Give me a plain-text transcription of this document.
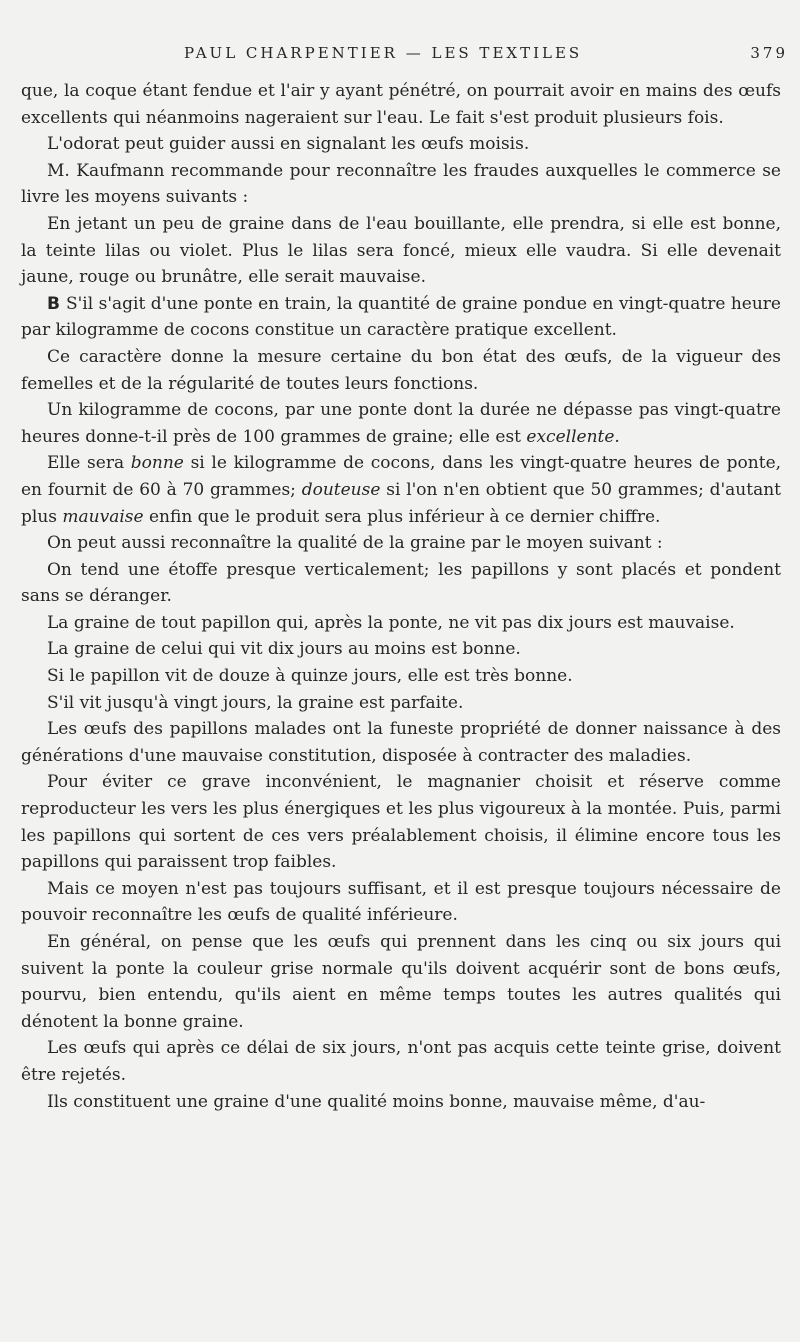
PAUL CHARPENTIER — LES TEXTILES	379

que, la coque étant fendue et l'air y ayant pénétré, on pourrait avoir en mains des œufs excellents qui néanmoins nageraient sur l'eau. Le fait s'est produit plusieurs fois.

L'odorat peut guider aussi en signalant les œufs moisis.

M. Kaufmann recommande pour reconnaître les fraudes auxquelles le commerce se livre les moyens suivants :

En jetant un peu de graine dans de l'eau bouillante, elle prendra, si elle est bonne, la teinte lilas ou violet. Plus le lilas sera foncé, mieux elle vaudra. Si elle devenait jaune, rouge ou brunâtre, elle serait mauvaise.

B S'il s'agit d'une ponte en train, la quantité de graine pondue en vingt-quatre heure par kilogramme de cocons constitue un caractère pratique excellent.

Ce caractère donne la mesure certaine du bon état des œufs, de la vigueur des femelles et de la régularité de toutes leurs fonctions.

Un kilogramme de cocons, par une ponte dont la durée ne dépasse pas vingt-quatre heures donne-t-il près de 100 grammes de graine; elle est excellente.

Elle sera bonne si le kilogramme de cocons, dans les vingt-quatre heures de ponte, en fournit de 60 à 70 grammes; douteuse si l'on n'en obtient que 50 grammes; d'autant plus mauvaise enfin que le produit sera plus inférieur à ce dernier chiffre.

On peut aussi reconnaître la qualité de la graine par le moyen suivant :

On tend une étoffe presque verticalement; les papillons y sont placés et pondent sans se déranger.

La graine de tout papillon qui, après la ponte, ne vit pas dix jours est mauvaise.

La graine de celui qui vit dix jours au moins est bonne.

Si le papillon vit de douze à quinze jours, elle est très bonne.

S'il vit jusqu'à vingt jours, la graine est parfaite.

Les œufs des papillons malades ont la funeste propriété de donner naissance à des générations d'une mauvaise constitution, disposée à contracter des maladies.

Pour éviter ce grave inconvénient, le magnanier choisit et réserve comme reproducteur les vers les plus énergiques et les plus vigoureux à la montée. Puis, parmi les papillons qui sortent de ces vers préalablement choisis, il élimine encore tous les papillons qui paraissent trop faibles.

Mais ce moyen n'est pas toujours suffisant, et il est presque toujours nécessaire de pouvoir reconnaître les œufs de qualité inférieure.

En général, on pense que les œufs qui prennent dans les cinq ou six jours qui suivent la ponte la couleur grise normale qu'ils doivent acquérir sont de bons œufs, pourvu, bien entendu, qu'ils aient en même temps toutes les autres qualités qui dénotent la bonne graine.

Les œufs qui après ce délai de six jours, n'ont pas acquis cette teinte grise, doivent être rejetés.

Ils constituent une graine d'une qualité moins bonne, mauvaise même, d'au-
